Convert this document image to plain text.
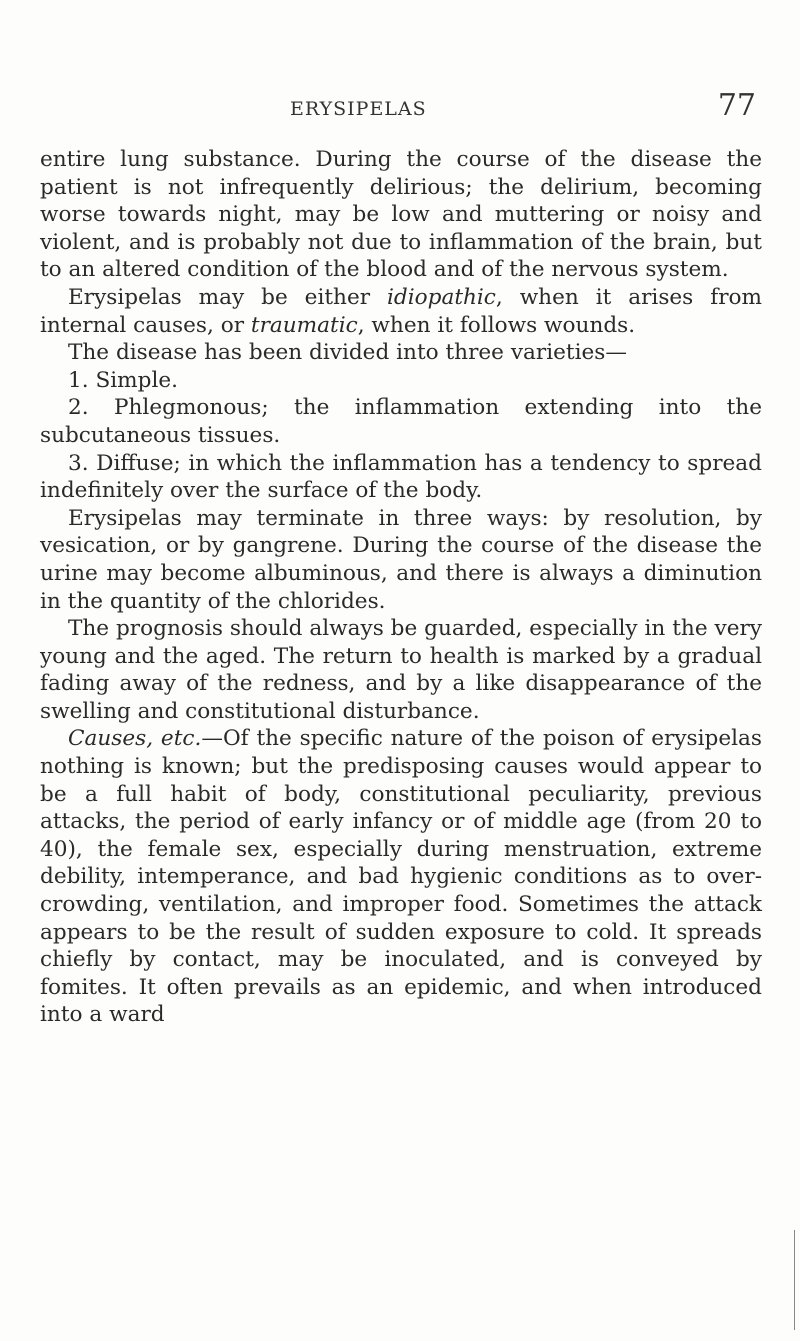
ERYSIPELAS	77

entire lung substance. During the course of the disease the patient is not infrequently delirious; the delirium, becoming worse towards night, may be low and muttering or noisy and violent, and is probably not due to inflammation of the brain, but to an altered condition of the blood and of the nervous system.

Erysipelas may be either idiopathic, when it arises from internal causes, or traumatic, when it follows wounds.

The disease has been divided into three varieties—

1. Simple.

2. Phlegmonous; the inflammation extending into the subcutaneous tissues.

3. Diffuse; in which the inflammation has a tendency to spread indefinitely over the surface of the body.

Erysipelas may terminate in three ways: by resolution, by vesication, or by gangrene. During the course of the disease the urine may become albuminous, and there is always a diminution in the quantity of the chlorides.

The prognosis should always be guarded, especially in the very young and the aged. The return to health is marked by a gradual fading away of the redness, and by a like disappearance of the swelling and constitutional disturbance.

Causes, etc.—Of the specific nature of the poison of erysipelas nothing is known; but the predisposing causes would appear to be a full habit of body, constitutional peculiarity, previous attacks, the period of early infancy or of middle age (from 20 to 40), the female sex, especially during menstruation, extreme debility, intemperance, and bad hygienic conditions as to over-crowding, ventilation, and improper food. Sometimes the attack appears to be the result of sudden exposure to cold. It spreads chiefly by contact, may be inoculated, and is conveyed by fomites. It often prevails as an epidemic, and when introduced into a ward
